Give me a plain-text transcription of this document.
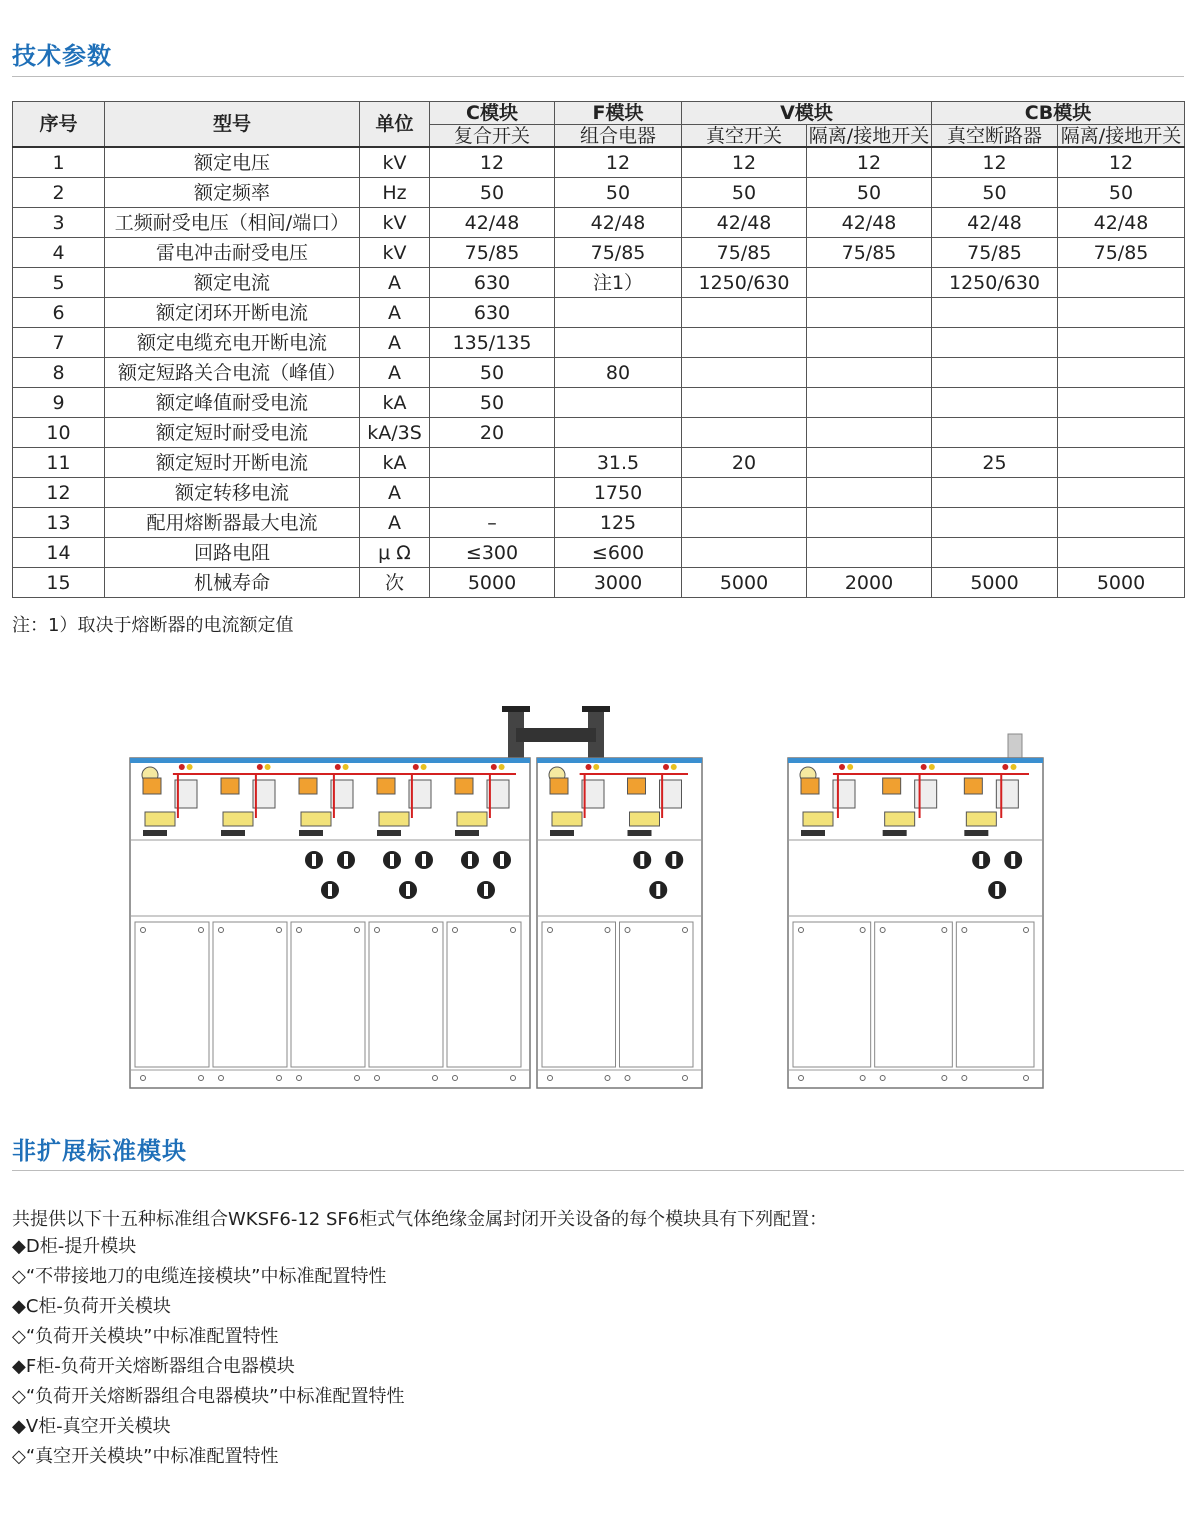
技术参数
序号	型号	单位	C模块	F模块	V模块		CB模块	
			复合开关	组合电器	真空开关	隔离/接地开关	真空断路器	隔离/接地开关
1	额定电压	kV	12	12	12	12	12	12
2	额定频率	Hz	50	50	50	50	50	50
3	工频耐受电压（相间/端口）	kV	42/48	42/48	42/48	42/48	42/48	42/48
4	雷电冲击耐受电压	kV	75/85	75/85	75/85	75/85	75/85	75/85
5	额定电流	A	630	注1）	1250/630		1250/630	
6	额定闭环开断电流	A	630					
7	额定电缆充电开断电流	A	135/135					
8	额定短路关合电流（峰值）	A	50	80				
9	额定峰值耐受电流	kA	50					
10	额定短时耐受电流	kA/3S	20					
11	额定短时开断电流	kA		31.5	20		25	
12	额定转移电流	A		1750				
13	配用熔断器最大电流	A	–	125				
14	回路电阻	μ Ω	≤300	≤600				
15	机械寿命	次	5000	3000	5000	2000	5000	5000
注：1）取决于熔断器的电流额定值
非扩展标准模块
共提供以下十五种标准组合WKSF6-12 SF6柜式气体绝缘金属封闭开关设备的每个模块具有下列配置：
◆D柜-提升模块
◇“不带接地刀的电缆连接模块”中标准配置特性
◆C柜-负荷开关模块
◇“负荷开关模块”中标准配置特性
◆F柜-负荷开关熔断器组合电器模块
◇“负荷开关熔断器组合电器模块”中标准配置特性
◆V柜-真空开关模块
◇“真空开关模块”中标准配置特性
